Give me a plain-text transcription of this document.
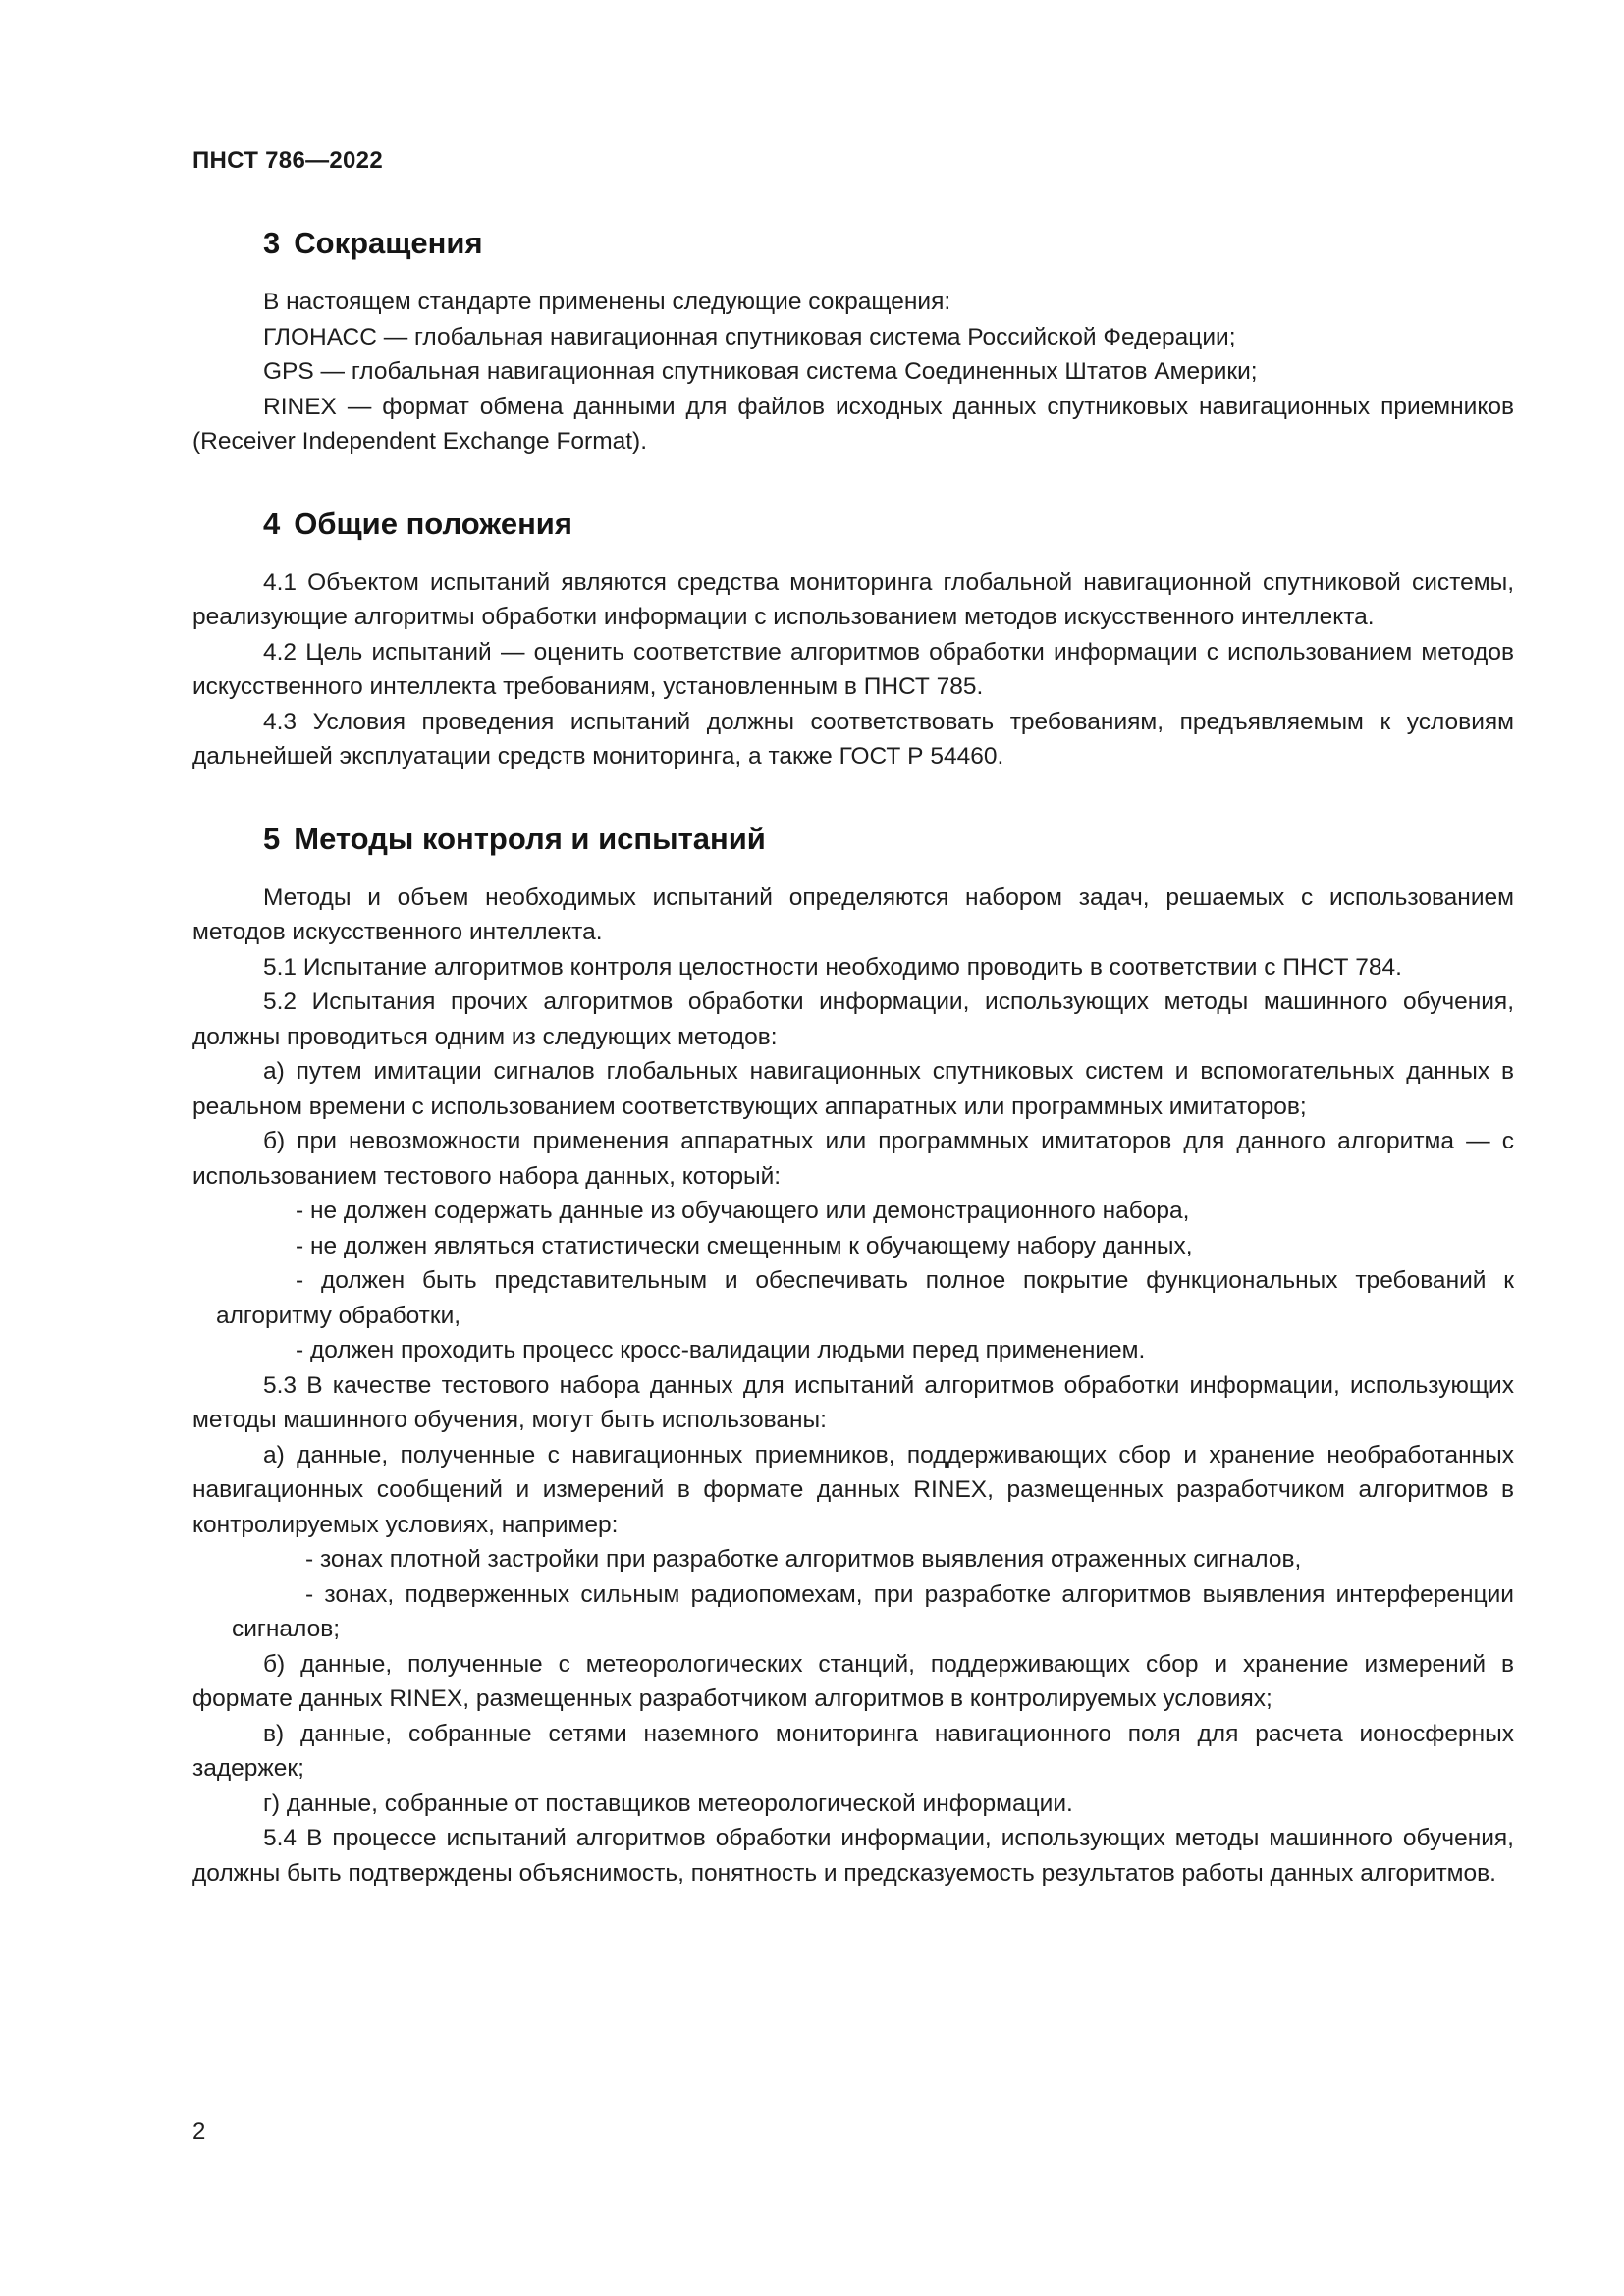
ПНСТ 786—2022
3 Сокращения

В настоящем стандарте применены следующие сокращения:

ГЛОНАСС — глобальная навигационная спутниковая система Российской Федерации;

GPS — глобальная навигационная спутниковая система Соединенных Штатов Америки;

RINEX — формат обмена данными для файлов исходных данных спутниковых навигационных приемников (Receiver Independent Exchange Format).

4 Общие положения

4.1 Объектом испытаний являются средства мониторинга глобальной навигационной спутниковой системы, реализующие алгоритмы обработки информации с использованием методов искусственного интеллекта.

4.2 Цель испытаний — оценить соответствие алгоритмов обработки информации с использованием методов искусственного интеллекта требованиям, установленным в ПНСТ 785.

4.3 Условия проведения испытаний должны соответствовать требованиям, предъявляемым к условиям дальнейшей эксплуатации средств мониторинга, а также ГОСТ Р 54460.

5 Методы контроля и испытаний

Методы и объем необходимых испытаний определяются набором задач, решаемых с использованием методов искусственного интеллекта.

5.1 Испытание алгоритмов контроля целостности необходимо проводить в соответствии с ПНСТ 784.

5.2 Испытания прочих алгоритмов обработки информации, использующих методы машинного обучения, должны проводиться одним из следующих методов:

а) путем имитации сигналов глобальных навигационных спутниковых систем и вспомогательных данных в реальном времени с использованием соответствующих аппаратных или программных имитаторов;

б) при невозможности применения аппаратных или программных имитаторов для данного алгоритма — с использованием тестового набора данных, который:

- не должен содержать данные из обучающего или демонстрационного набора,

- не должен являться статистически смещенным к обучающему набору данных,

- должен быть представительным и обеспечивать полное покрытие функциональных требований к алгоритму обработки,

- должен проходить процесс кросс-валидации людьми перед применением.

5.3 В качестве тестового набора данных для испытаний алгоритмов обработки информации, использующих методы машинного обучения, могут быть использованы:

а) данные, полученные с навигационных приемников, поддерживающих сбор и хранение необработанных навигационных сообщений и измерений в формате данных RINEX, размещенных разработчиком алгоритмов в контролируемых условиях, например:

- зонах плотной застройки при разработке алгоритмов выявления отраженных сигналов,

- зонах, подверженных сильным радиопомехам, при разработке алгоритмов выявления интерференции сигналов;

б) данные, полученные с метеорологических станций, поддерживающих сбор и хранение измерений в формате данных RINEX, размещенных разработчиком алгоритмов в контролируемых условиях;

в) данные, собранные сетями наземного мониторинга навигационного поля для расчета ионосферных задержек;

г) данные, собранные от поставщиков метеорологической информации.

5.4 В процессе испытаний алгоритмов обработки информации, использующих методы машинного обучения, должны быть подтверждены объяснимость, понятность и предсказуемость результатов работы данных алгоритмов.

2
